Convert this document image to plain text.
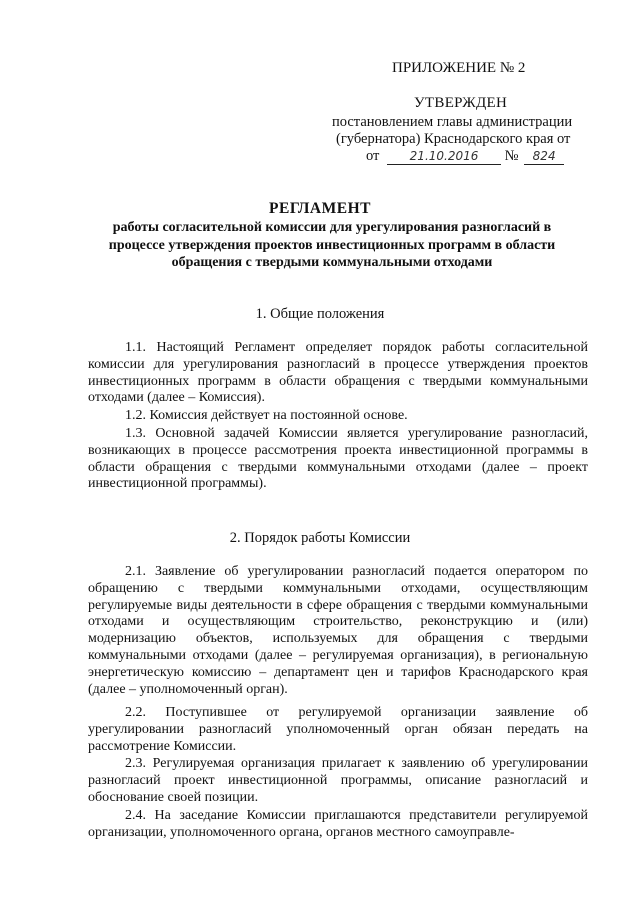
ПРИЛОЖЕНИЕ № 2
УТВЕРЖДЕН
постановлением главы администрации
(губернатора) Краснодарского края от
от	21.10.2016 № 824
РЕГЛАМЕНТ
работы согласительной комиссии для урегулирования разногласий в процессе утверждения проектов инвестиционных программ в области обращения с твердыми коммунальными отходами
1. Общие положения

1.1. Настоящий Регламент определяет порядок работы согласительной комиссии для урегулирования разногласий в процессе утверждения проектов инвестиционных программ в области обращения с твердыми коммунальными отходами (далее – Комиссия).

1.2. Комиссия действует на постоянной основе.

1.3. Основной задачей Комиссии является урегулирование разногласий, возникающих в процессе рассмотрения проекта инвестиционной программы в области обращения с твердыми коммунальными отходами (далее – проект инвестиционной программы).

2. Порядок работы Комиссии

2.1. Заявление об урегулировании разногласий подается оператором по обращению с твердыми коммунальными отходами, осуществляющим регулируемые виды деятельности в сфере обращения с твердыми коммунальными отходами и осуществляющим строительство, реконструкцию и (или) модернизацию объектов, используемых для обращения с твердыми коммунальными отходами (далее – регулируемая организация), в региональную энергетическую комиссию – департамент цен и тарифов Краснодарского края (далее – уполномоченный орган).

2.2. Поступившее от регулируемой организации заявление об урегулировании разногласий уполномоченный орган обязан передать на рассмотрение Комиссии.

2.3. Регулируемая организация прилагает к заявлению об урегулировании разногласий проект инвестиционной программы, описание разногласий и обоснование своей позиции.

2.4. На заседание Комиссии приглашаются представители регулируемой организации, уполномоченного органа, органов местного самоуправле-
